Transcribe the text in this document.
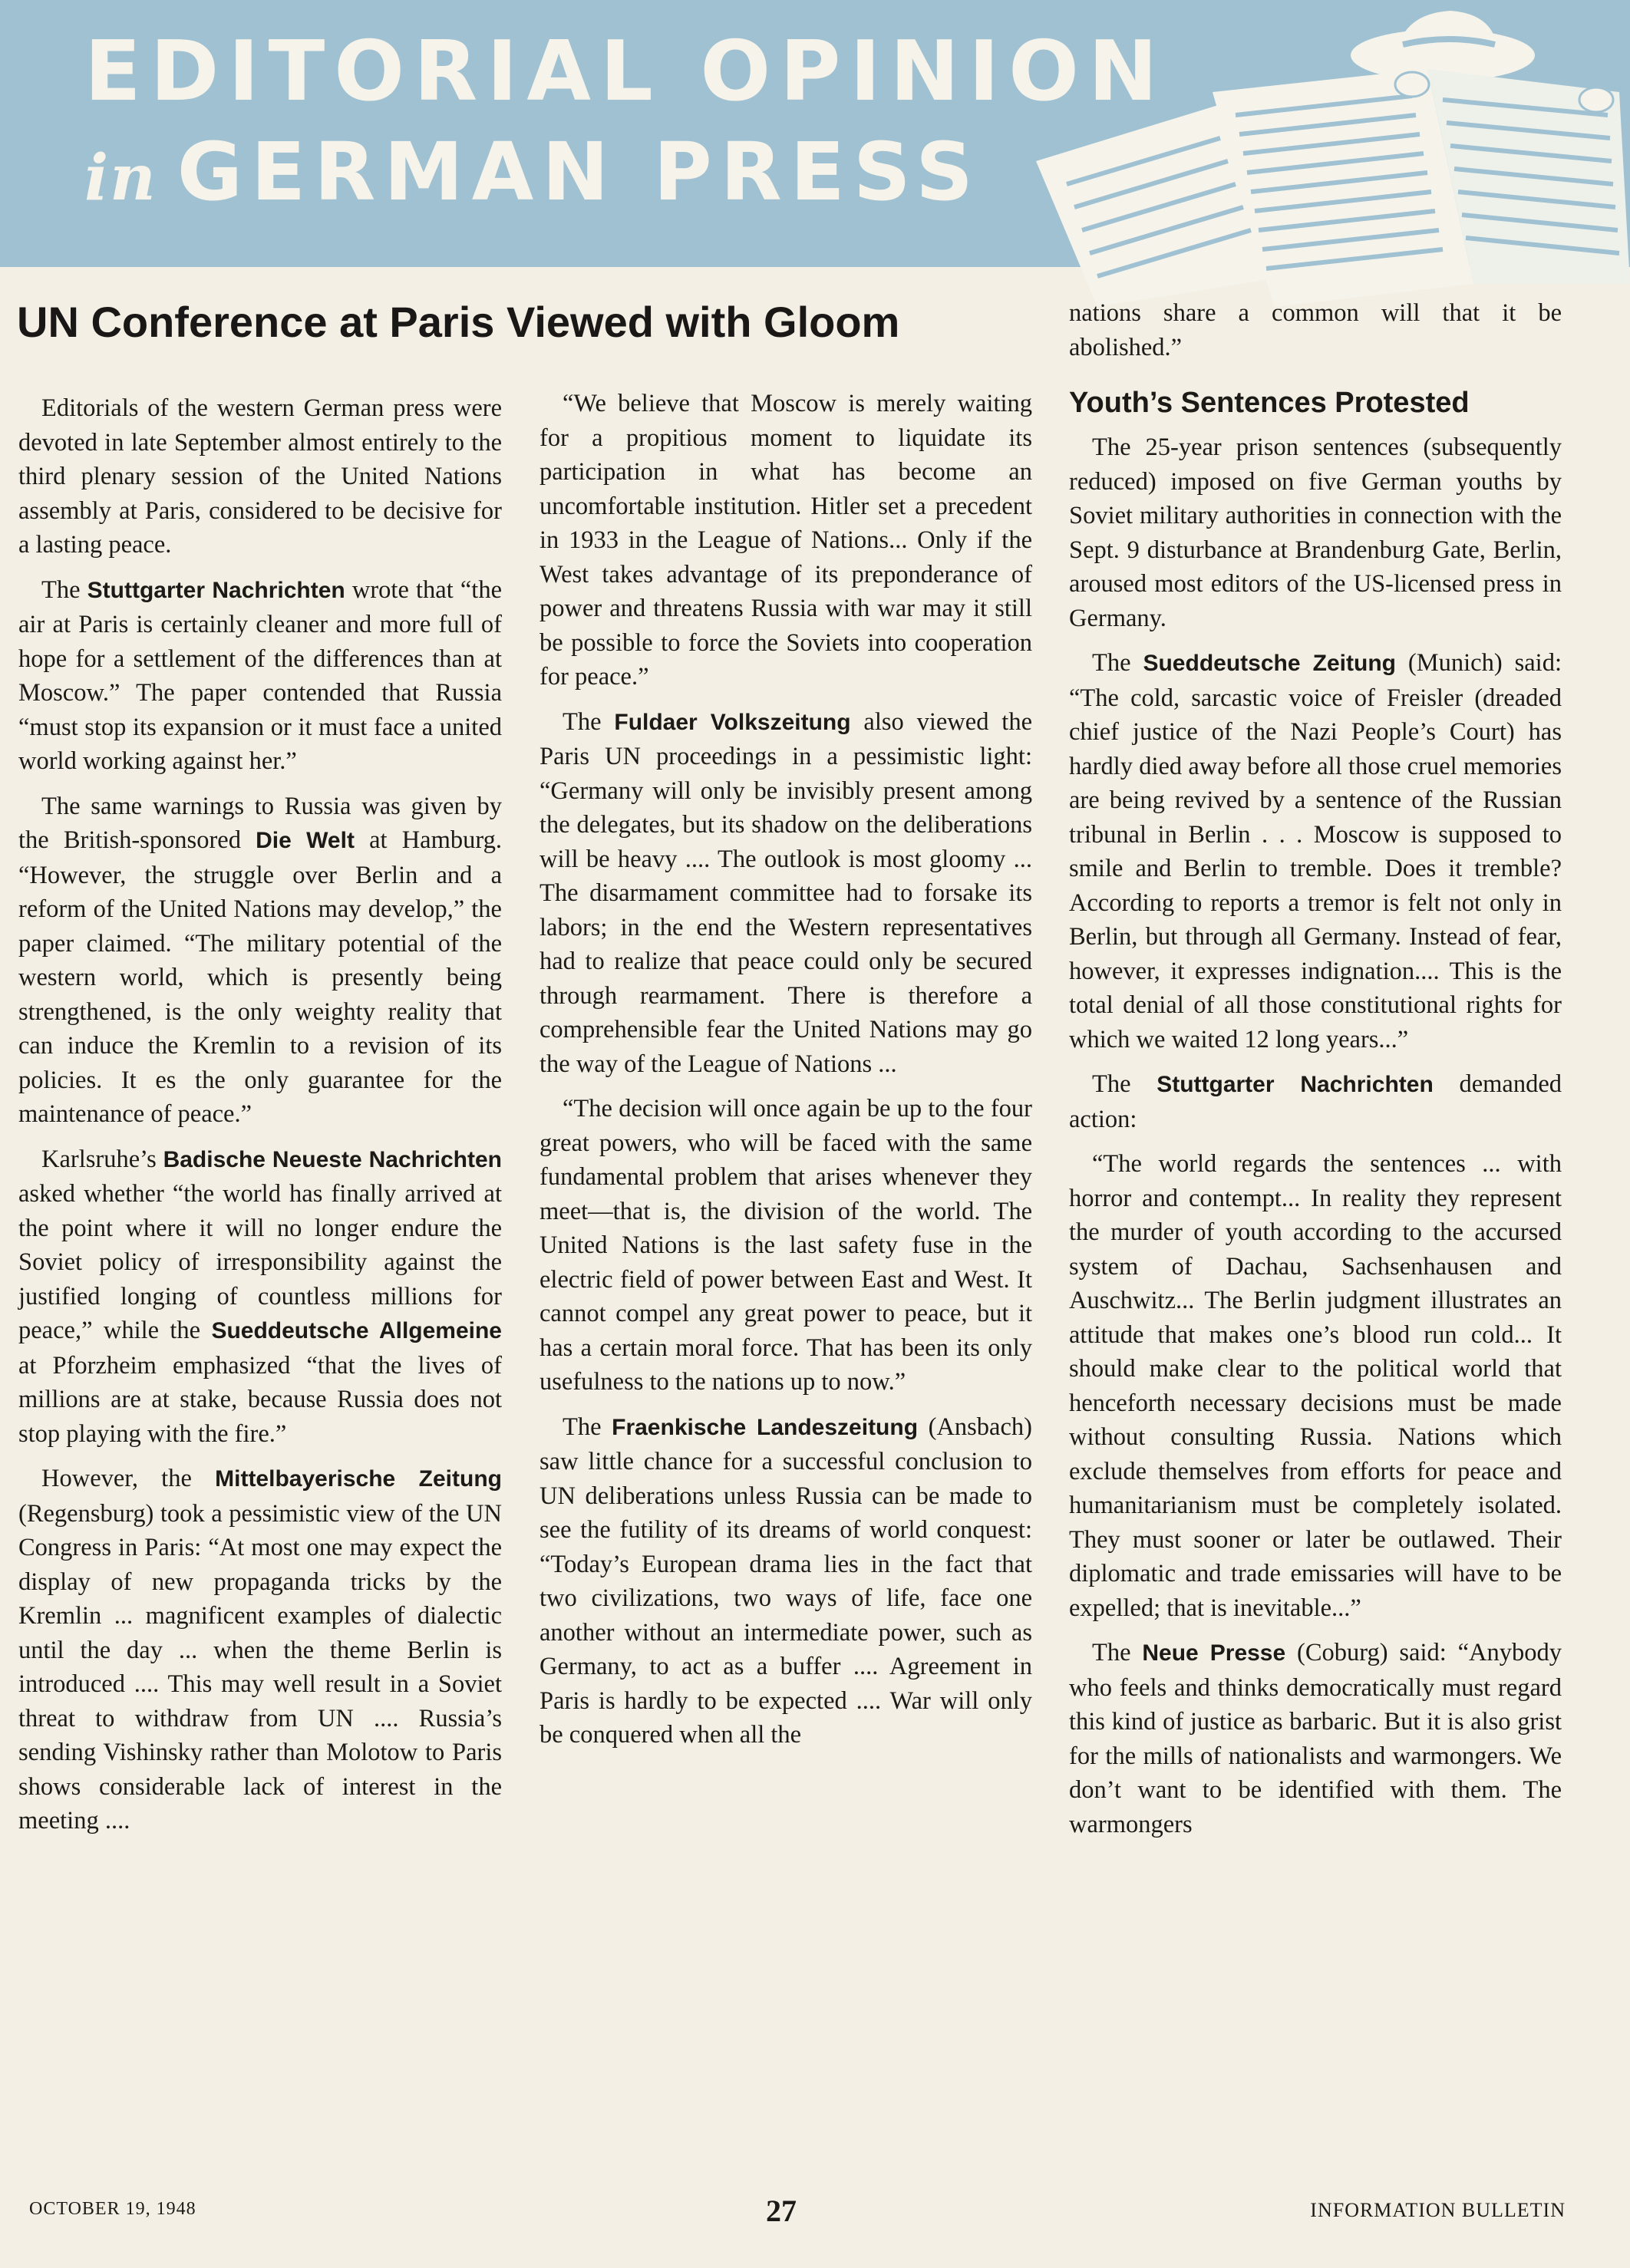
EDITORIAL OPINION
in GERMAN PRESS
UN Conference at Paris Viewed with Gloom

Editorials of the western German press were devoted in late September almost entirely to the third plenary session of the United Nations assembly at Paris, considered to be decisive for a lasting peace.

The Stuttgarter Nachrichten wrote that “the air at Paris is certainly cleaner and more full of hope for a settlement of the differences than at Moscow.” The paper contended that Russia “must stop its expansion or it must face a united world working against her.”

The same warnings to Russia was given by the British-sponsored Die Welt at Hamburg. “However, the struggle over Berlin and a reform of the United Nations may develop,” the paper claimed. “The military potential of the western world, which is presently being strengthened, is the only weighty reality that can induce the Kremlin to a revision of its policies. It es the only guarantee for the maintenance of peace.”

Karlsruhe’s Badische Neueste Nachrichten asked whether “the world has finally arrived at the point where it will no longer endure the Soviet policy of irresponsibility against the justified longing of countless millions for peace,” while the Sueddeutsche Allgemeine at Pforzheim emphasized “that the lives of millions are at stake, because Russia does not stop playing with the fire.”

However, the Mittelbayerische Zeitung (Regensburg) took a pessimistic view of the UN Congress in Paris: “At most one may expect the display of new propaganda tricks by the Kremlin ... magnificent examples of dialectic until the day ... when the theme Berlin is introduced .... This may well result in a Soviet threat to withdraw from UN .... Russia’s sending Vishinsky rather than Molotow to Paris shows considerable lack of interest in the meeting ....

“We believe that Moscow is merely waiting for a propitious moment to liquidate its participation in what has become an uncomfortable institution. Hitler set a precedent in 1933 in the League of Nations... Only if the West takes advantage of its preponderance of power and threatens Russia with war may it still be possible to force the Soviets into cooperation for peace.”

The Fuldaer Volkszeitung also viewed the Paris UN proceedings in a pessimistic light: “Germany will only be invisibly present among the delegates, but its shadow on the deliberations will be heavy .... The outlook is most gloomy ... The disarmament committee had to forsake its labors; in the end the Western representatives had to realize that peace could only be secured through rearmament. There is therefore a comprehensible fear the United Nations may go the way of the League of Nations ...

“The decision will once again be up to the four great powers, who will be faced with the same fundamental problem that arises whenever they meet—that is, the division of the world. The United Nations is the last safety fuse in the electric field of power between East and West. It cannot compel any great power to peace, but it has a certain moral force. That has been its only usefulness to the nations up to now.”

The Fraenkische Landeszeitung (Ansbach) saw little chance for a successful conclusion to UN deliberations unless Russia can be made to see the futility of its dreams of world conquest: “Today’s European drama lies in the fact that two civilizations, two ways of life, face one another without an intermediate power, such as Germany, to act as a buffer .... Agreement in Paris is hardly to be expected .... War will only be conquered when all the

nations share a common will that it be abolished.”

Youth’s Sentences Protested

The 25-year prison sentences (subsequently reduced) imposed on five German youths by Soviet military authorities in connection with the Sept. 9 disturbance at Brandenburg Gate, Berlin, aroused most editors of the US-licensed press in Germany.

The Sueddeutsche Zeitung (Munich) said: “The cold, sarcastic voice of Freisler (dreaded chief justice of the Nazi People’s Court) has hardly died away before all those cruel memories are being revived by a sentence of the Russian tribunal in Berlin . . . Moscow is supposed to smile and Berlin to tremble. Does it tremble? According to reports a tremor is felt not only in Berlin, but through all Germany. Instead of fear, however, it expresses indignation.... This is the total denial of all those constitutional rights for which we waited 12 long years...”

The Stuttgarter Nachrichten demanded action:

“The world regards the sentences ... with horror and contempt... In reality they represent the murder of youth according to the accursed system of Dachau, Sachsenhausen and Auschwitz... The Berlin judgment illustrates an attitude that makes one’s blood run cold... It should make clear to the political world that henceforth necessary decisions must be made without consulting Russia. Nations which exclude themselves from efforts for peace and humanitarianism must be completely isolated. They must sooner or later be outlawed. Their diplomatic and trade emissaries will have to be expelled; that is inevitable...”

The Neue Presse (Coburg) said: “Anybody who feels and thinks democratically must regard this kind of justice as barbaric. But it is also grist for the mills of nationalists and warmongers. We don’t want to be identified with them. The warmongers

OCTOBER 19, 1948	27	INFORMATION BULLETIN
